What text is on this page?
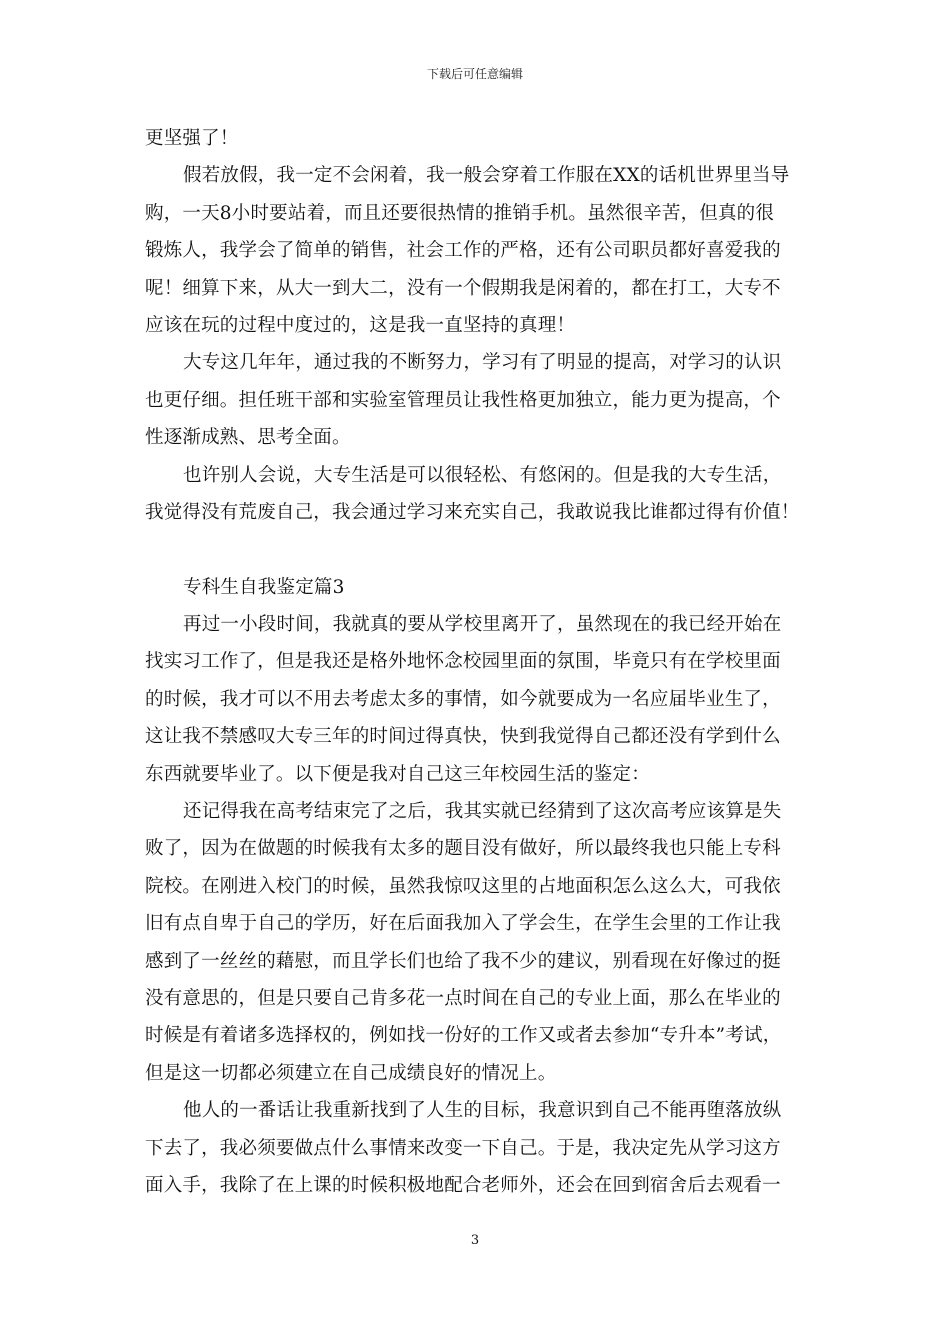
下载后可任意编辑
更坚强了！
假若放假，我一定不会闲着，我一般会穿着工作服在XX的话机世界里当导
购，一天8小时要站着，而且还要很热情的推销手机。虽然很辛苦，但真的很
锻炼人，我学会了简单的销售，社会工作的严格，还有公司职员都好喜爱我的
呢！细算下来，从大一到大二，没有一个假期我是闲着的，都在打工，大专不
应该在玩的过程中度过的，这是我一直坚持的真理！
大专这几年年，通过我的不断努力，学习有了明显的提高，对学习的认识
也更仔细。担任班干部和实验室管理员让我性格更加独立，能力更为提高，个
性逐渐成熟、思考全面。
也许别人会说，大专生活是可以很轻松、有悠闲的。但是我的大专生活，
我觉得没有荒废自己，我会通过学习来充实自己，我敢说我比谁都过得有价值！
专科生自我鉴定篇3
再过一小段时间，我就真的要从学校里离开了，虽然现在的我已经开始在
找实习工作了，但是我还是格外地怀念校园里面的氛围，毕竟只有在学校里面
的时候，我才可以不用去考虑太多的事情，如今就要成为一名应届毕业生了，
这让我不禁感叹大专三年的时间过得真快，快到我觉得自己都还没有学到什么
东西就要毕业了。以下便是我对自己这三年校园生活的鉴定：
还记得我在高考结束完了之后，我其实就已经猜到了这次高考应该算是失
败了，因为在做题的时候我有太多的题目没有做好，所以最终我也只能上专科
院校。在刚进入校门的时候，虽然我惊叹这里的占地面积怎么这么大，可我依
旧有点自卑于自己的学历，好在后面我加入了学会生，在学生会里的工作让我
感到了一丝丝的藉慰，而且学长们也给了我不少的建议，别看现在好像过的挺
没有意思的，但是只要自己肯多花一点时间在自己的专业上面，那么在毕业的
时候是有着诸多选择权的，例如找一份好的工作又或者去参加“专升本”考试，
但是这一切都必须建立在自己成绩良好的情况上。
他人的一番话让我重新找到了人生的目标，我意识到自己不能再堕落放纵
下去了，我必须要做点什么事情来改变一下自己。于是，我决定先从学习这方
面入手，我除了在上课的时候积极地配合老师外，还会在回到宿舍后去观看一
3
